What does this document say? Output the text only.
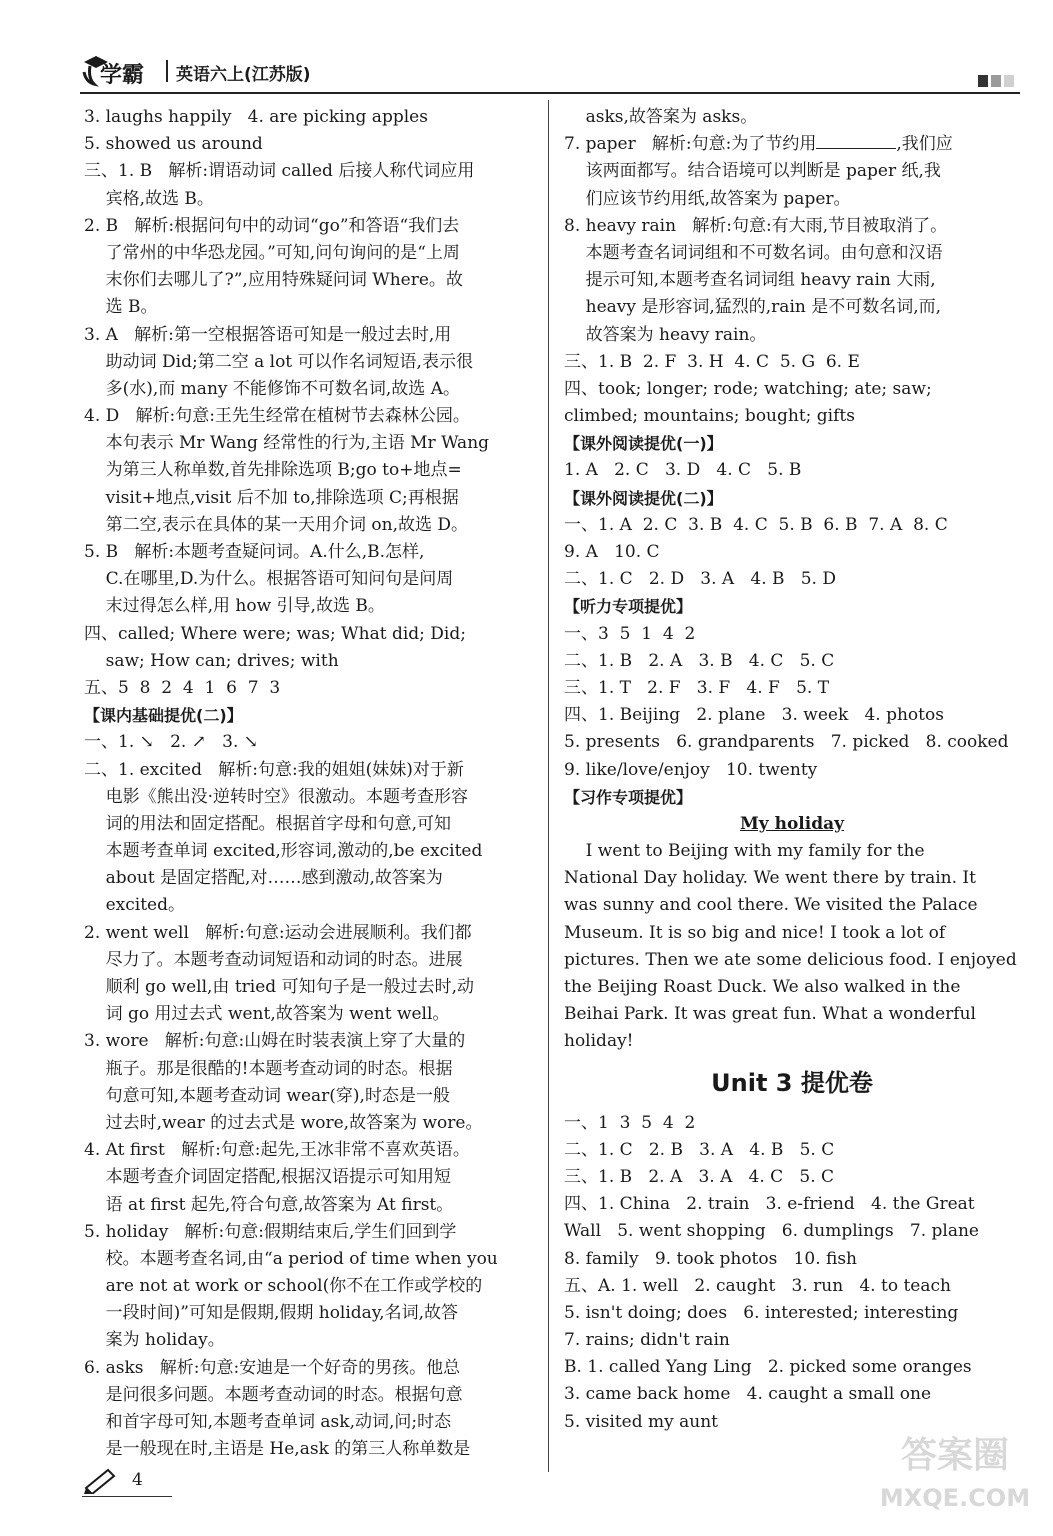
学霸 英语六上(江苏版)
3. laughs happily   4. are picking apples
5. showed us around
三、1. B   解析:谓语动词 called 后接人称代词应用
宾格,故选 B。
2. B   解析:根据问句中的动词“go”和答语“我们去
了常州的中华恐龙园。”可知,问句询问的是“上周
末你们去哪儿了?”,应用特殊疑问词 Where。故
选 B。
3. A   解析:第一空根据答语可知是一般过去时,用
助动词 Did;第二空 a lot 可以作名词短语,表示很
多(水),而 many 不能修饰不可数名词,故选 A。
4. D   解析:句意:王先生经常在植树节去森林公园。
本句表示 Mr Wang 经常性的行为,主语 Mr Wang
为第三人称单数,首先排除选项 B;go to+地点=
visit+地点,visit 后不加 to,排除选项 C;再根据
第二空,表示在具体的某一天用介词 on,故选 D。
5. B   解析:本题考查疑问词。A.什么,B.怎样,
C.在哪里,D.为什么。根据答语可知问句是问周
末过得怎么样,用 how 引导,故选 B。
四、called; Where were; was; What did; Did;
saw; How can; drives; with
五、5  8  2  4  1  6  7  3
【课内基础提优(二)】
一、1. ↘   2. ↗   3. ↘
二、1. excited   解析:句意:我的姐姐(妹妹)对于新
电影《熊出没·逆转时空》很激动。本题考查形容
词的用法和固定搭配。根据首字母和句意,可知
本题考查单词 excited,形容词,激动的,be excited
about 是固定搭配,对……感到激动,故答案为
excited。
2. went well   解析:句意:运动会进展顺利。我们都
尽力了。本题考查动词短语和动词的时态。进展
顺利 go well,由 tried 可知句子是一般过去时,动
词 go 用过去式 went,故答案为 went well。
3. wore   解析:句意:山姆在时装表演上穿了大量的
瓶子。那是很酷的!本题考查动词的时态。根据
句意可知,本题考查动词 wear(穿),时态是一般
过去时,wear 的过去式是 wore,故答案为 wore。
4. At first   解析:句意:起先,王冰非常不喜欢英语。
本题考查介词固定搭配,根据汉语提示可知用短
语 at first 起先,符合句意,故答案为 At first。
5. holiday   解析:句意:假期结束后,学生们回到学
校。本题考查名词,由“a period of time when you
are not at work or school(你不在工作或学校的
一段时间)”可知是假期,假期 holiday,名词,故答
案为 holiday。
6. asks   解析:句意:安迪是一个好奇的男孩。他总
是问很多问题。本题考查动词的时态。根据句意
和首字母可知,本题考查单词 ask,动词,问;时态
是一般现在时,主语是 He,ask 的第三人称单数是
asks,故答案为 asks。
7. paper   解析:句意:为了节约用	,我们应
该两面都写。结合语境可以判断是 paper 纸,我
们应该节约用纸,故答案为 paper。
8. heavy rain   解析:句意:有大雨,节目被取消了。
本题考查名词词组和不可数名词。由句意和汉语
提示可知,本题考查名词词组 heavy rain 大雨,
heavy 是形容词,猛烈的,rain 是不可数名词,而,
故答案为 heavy rain。
三、1. B  2. F  3. H  4. C  5. G  6. E
四、took; longer; rode; watching; ate; saw;
climbed; mountains; bought; gifts
【课外阅读提优(一)】
1. A   2. C   3. D   4. C   5. B
【课外阅读提优(二)】
一、1. A  2. C  3. B  4. C  5. B  6. B  7. A  8. C
9. A   10. C
二、1. C   2. D   3. A   4. B   5. D
【听力专项提优】
一、3  5  1  4  2
二、1. B   2. A   3. B   4. C   5. C
三、1. T   2. F   3. F   4. F   5. T
四、1. Beijing   2. plane   3. week   4. photos
5. presents   6. grandparents   7. picked   8. cooked
9. like/love/enjoy   10. twenty
【习作专项提优】
My holiday
I went to Beijing with my family for the
National Day holiday. We went there by train. It
was sunny and cool there. We visited the Palace
Museum. It is so big and nice! I took a lot of
pictures. Then we ate some delicious food. I enjoyed
the Beijing Roast Duck. We also walked in the
Beihai Park. It was great fun. What a wonderful
holiday!
Unit 3 提优卷
一、1  3  5  4  2
二、1. C   2. B   3. A   4. B   5. C
三、1. B   2. A   3. A   4. C   5. C
四、1. China   2. train   3. e-friend   4. the Great
Wall   5. went shopping   6. dumplings   7. plane
8. family   9. took photos   10. fish
五、A. 1. well   2. caught   3. run   4. to teach
5. isn't doing; does   6. interested; interesting
7. rains; didn't rain
B. 1. called Yang Ling   2. picked some oranges
3. came back home   4. caught a small one
5. visited my aunt
4
答案圈
MXQE.COM
